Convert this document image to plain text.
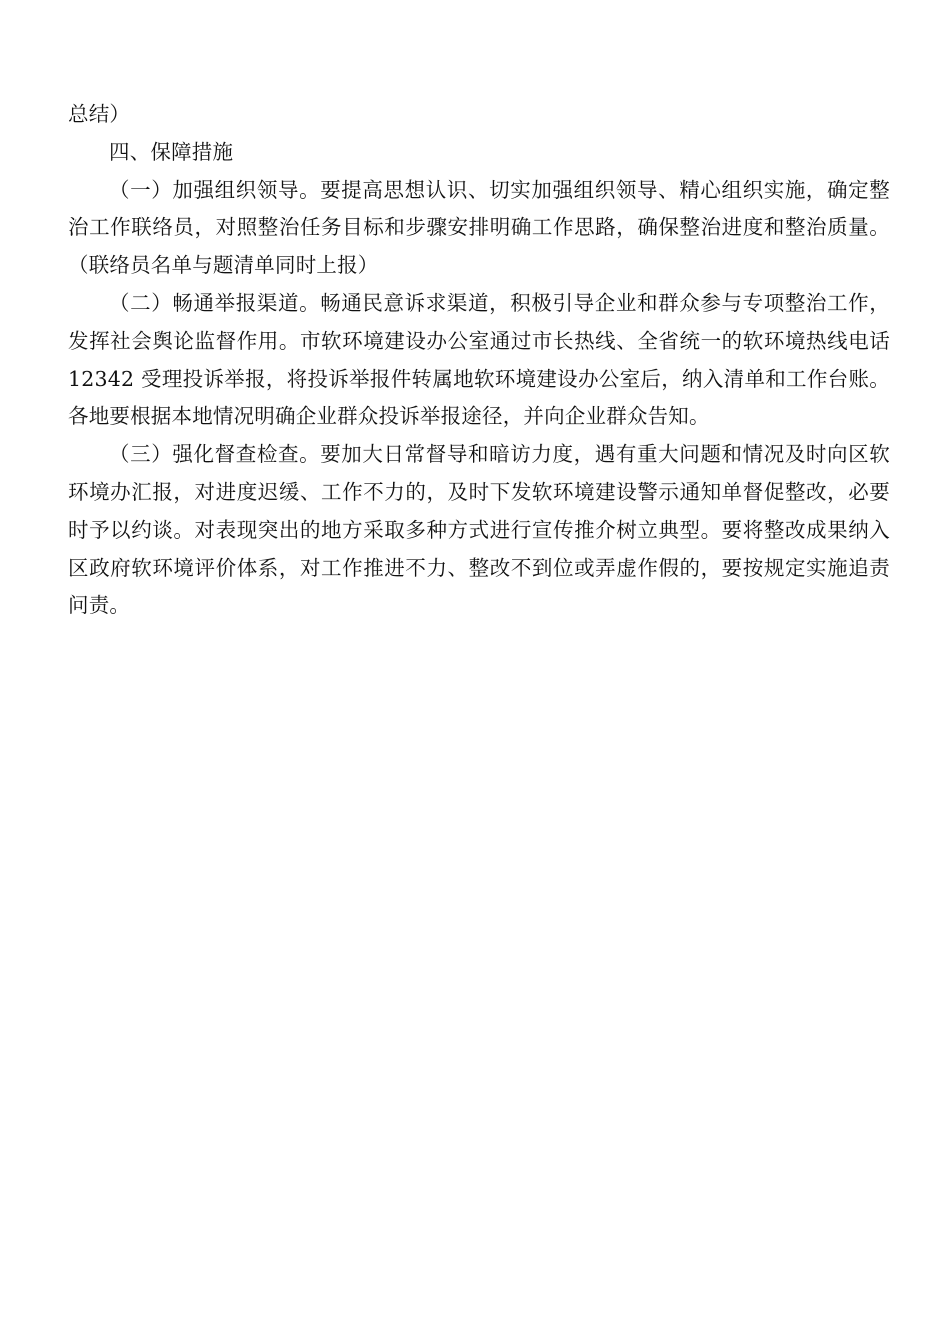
总结）

四、保障措施

（一）加强组织领导。要提高思想认识、切实加强组织领导、精心组织实施，确定整治工作联络员，对照整治任务目标和步骤安排明确工作思路，确保整治进度和整治质量。（联络员名单与题清单同时上报）

（二）畅通举报渠道。畅通民意诉求渠道，积极引导企业和群众参与专项整治工作，发挥社会舆论监督作用。市软环境建设办公室通过市长热线、全省统一的软环境热线电话 12342 受理投诉举报，将投诉举报件转属地软环境建设办公室后，纳入清单和工作台账。各地要根据本地情况明确企业群众投诉举报途径，并向企业群众告知。

（三）强化督查检查。要加大日常督导和暗访力度，遇有重大问题和情况及时向区软环境办汇报，对进度迟缓、工作不力的，及时下发软环境建设警示通知单督促整改，必要时予以约谈。对表现突出的地方采取多种方式进行宣传推介树立典型。要将整改成果纳入区政府软环境评价体系，对工作推进不力、整改不到位或弄虚作假的，要按规定实施追责问责。
